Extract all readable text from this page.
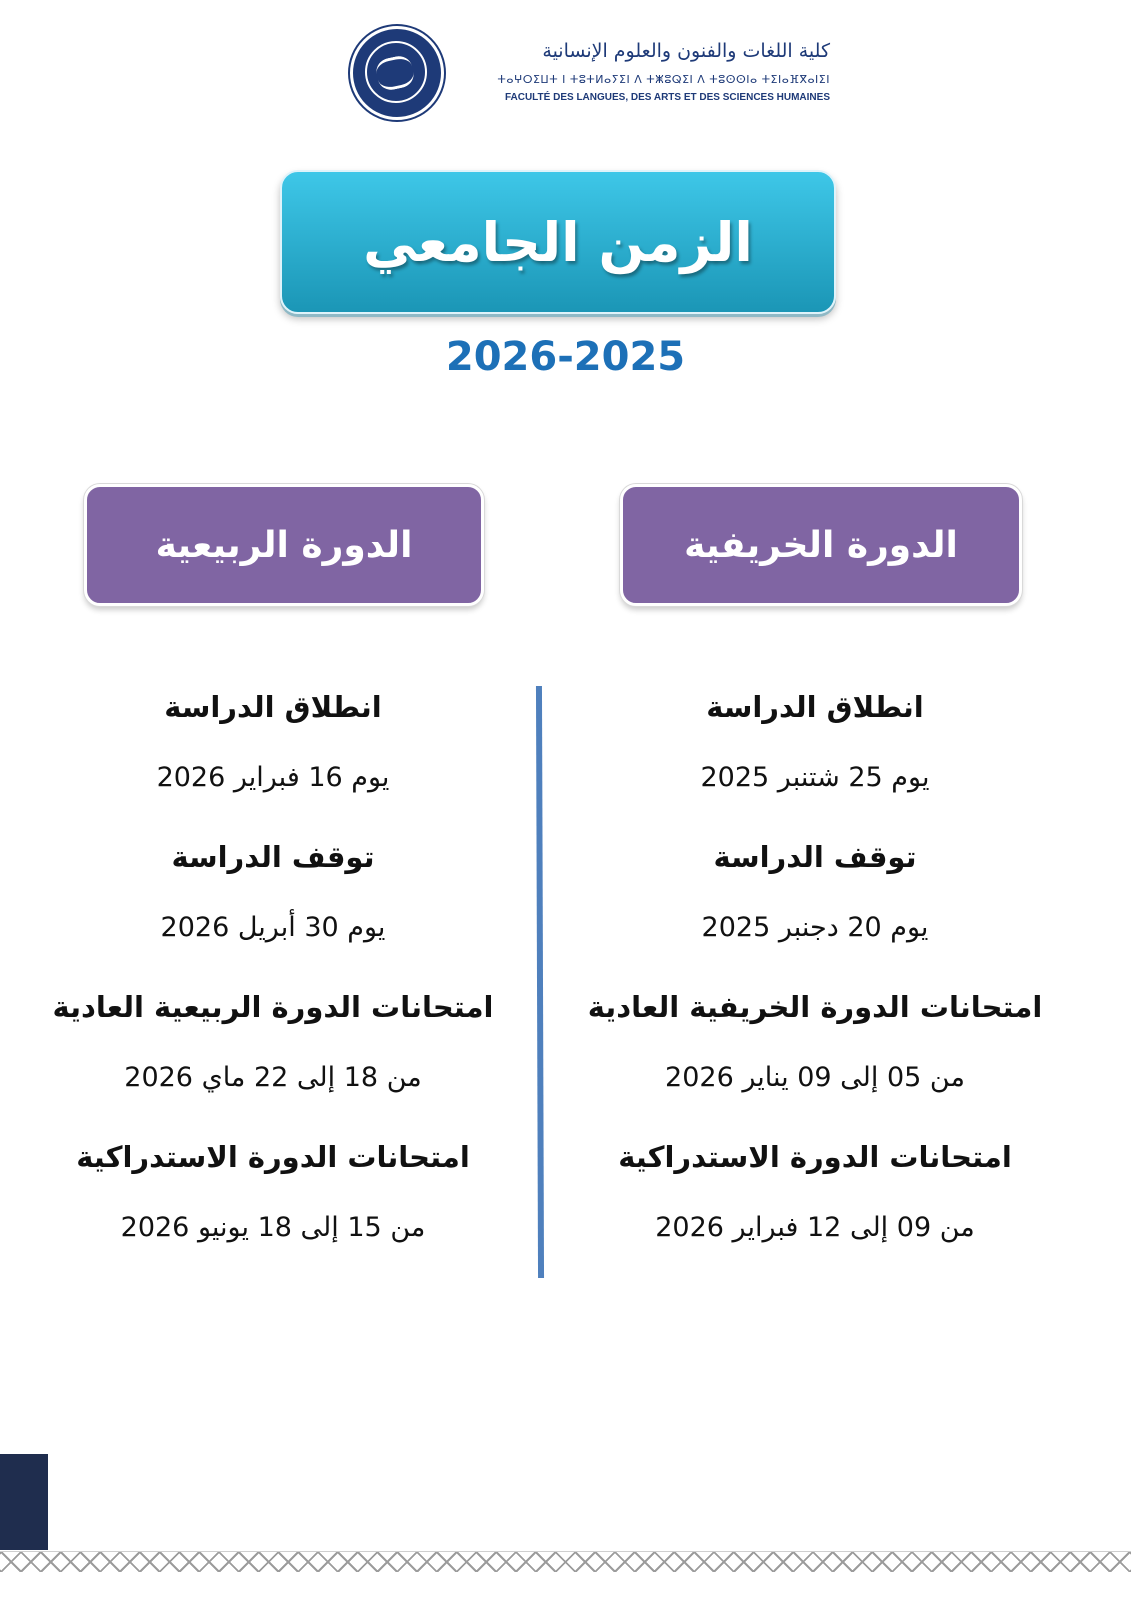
كلية اللغات والفنون والعلوم الإنسانية
ⵜⴰⵖⵔⵉⵡⵜ ⵏ ⵜⵓⵜⵍⴰⵢⵉⵏ ⴷ ⵜⵥⵓⵕⵉⵏ ⴷ ⵜⵓⵙⵙⵏⴰ ⵜⵉⵏⴰⴼⴳⴰⵏⵉⵏ
FACULTÉ DES LANGUES, DES ARTS ET DES SCIENCES HUMAINES
الزمن الجامعي
2026-2025
الدورة الخريفية
الدورة الربيعية
انطلاق الدراسة
يوم 25 شتنبر 2025
توقف الدراسة
يوم 20 دجنبر 2025
امتحانات الدورة الخريفية العادية
من 05 إلى 09 يناير 2026
امتحانات الدورة الاستدراكية
من 09 إلى 12 فبراير 2026
انطلاق الدراسة
يوم 16 فبراير 2026
توقف الدراسة
يوم 30 أبريل 2026
امتحانات الدورة الربيعية العادية
من 18 إلى 22 ماي 2026
امتحانات الدورة الاستدراكية
من 15 إلى 18 يونيو 2026
